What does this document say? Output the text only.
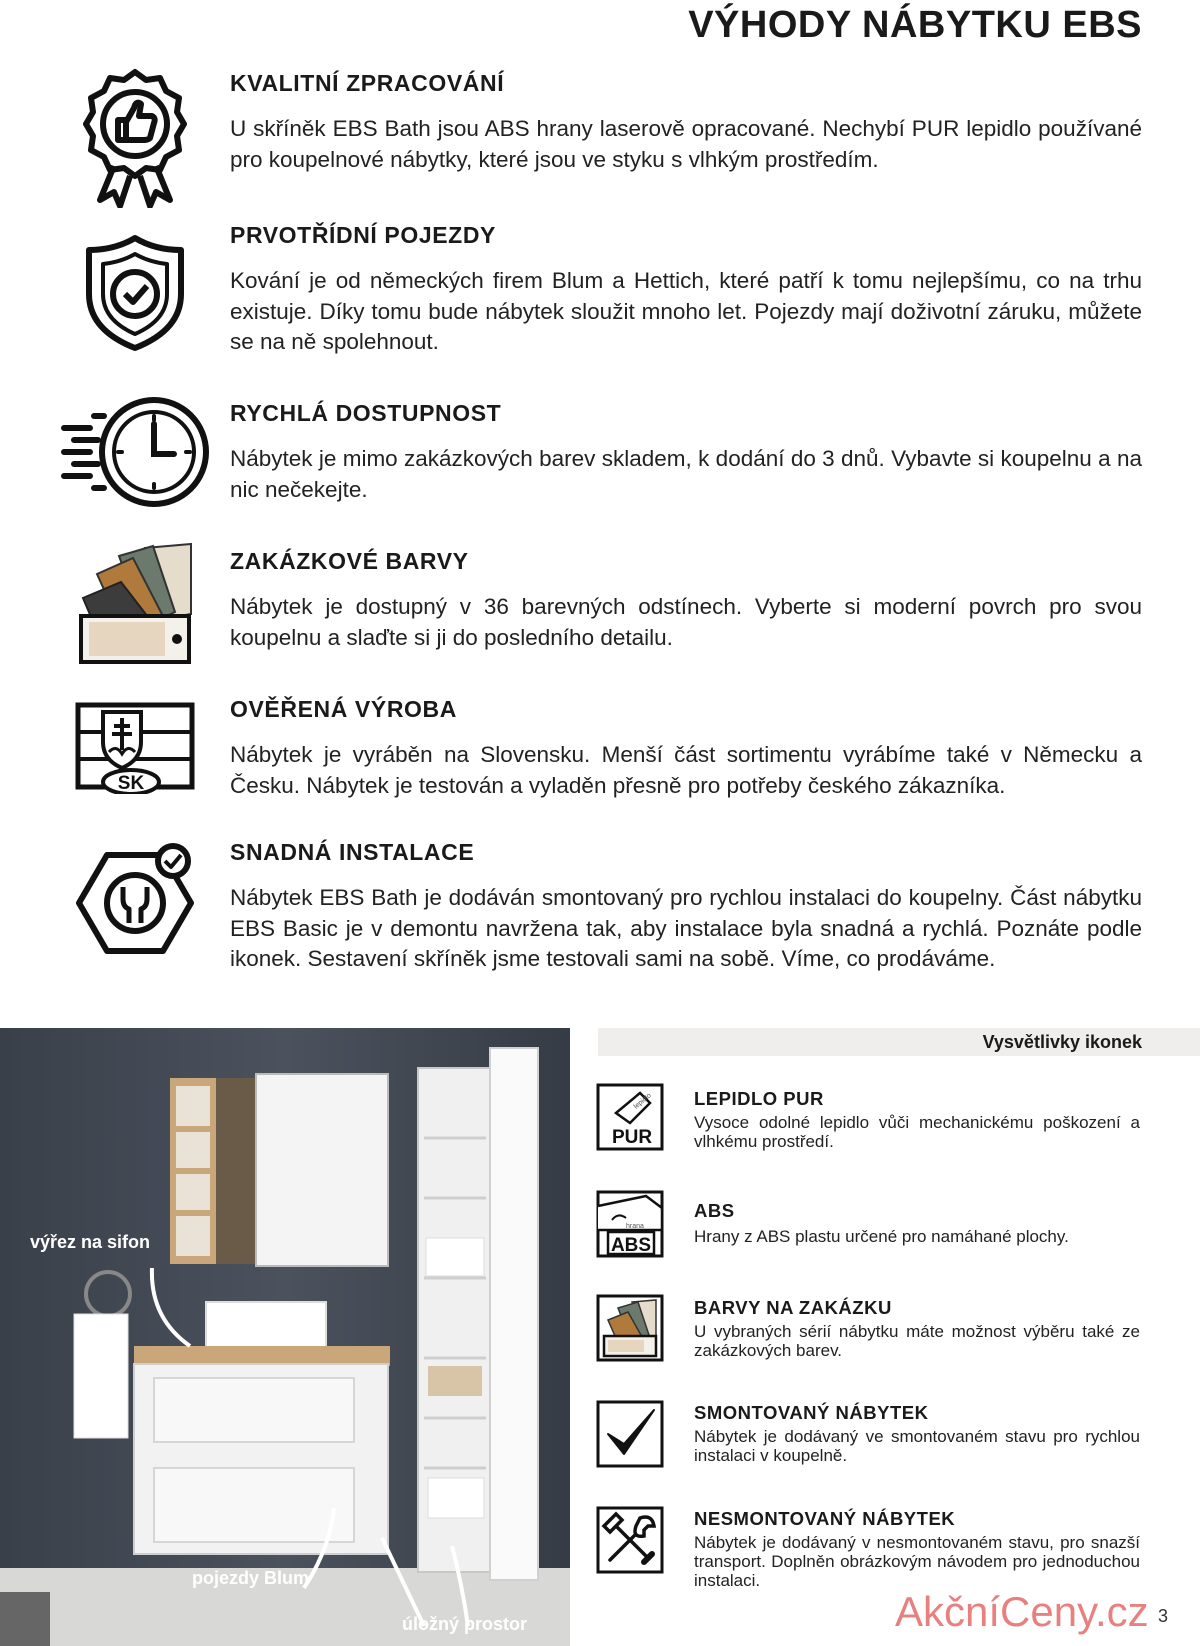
VÝHODY NÁBYTKU EBS
KVALITNÍ ZPRACOVÁNÍ

U skříněk EBS Bath jsou ABS hrany laserově opracované. Nechybí PUR lepidlo používané pro koupelnové nábytky, které jsou ve styku s vlhkým prostředím.

PRVOTŘÍDNÍ POJEZDY

Kování je od německých firem Blum a Hettich, které patří k tomu nejlepšímu, co na trhu existuje. Díky tomu bude nábytek sloužit mnoho let. Pojezdy mají doživotní záruku, můžete se na ně spolehnout.

RYCHLÁ DOSTUPNOST

Nábytek je mimo zakázkových barev skladem, k dodání do 3 dnů. Vybavte si koupelnu a na nic nečekejte.

ZAKÁZKOVÉ BARVY

Nábytek je dostupný v 36 barevných odstínech. Vyberte si moderní povrch pro svou koupelnu a slaďte si ji do posledního detailu.

SK
OVĚŘENÁ VÝROBA

Nábytek je vyráběn na Slovensku. Menší část sortimentu vyrábíme také v Německu a Česku. Nábytek je testován a vyladěn přesně pro potřeby českého zákazníka.

SNADNÁ INSTALACE

Nábytek EBS Bath je dodáván smontovaný pro rychlou instalaci do koupelny. Část nábytku EBS Basic je v demontu navržena tak, aby instalace byla snadná a rychlá. Poznáte podle ikonek. Sestavení skříněk jsme testovali sami na sobě. Víme, co prodáváme.

výřez na sifon
pojezdy Blum
úložný prostor
Vysvětlivky ikonek
lepidlo
PUR
LEPIDLO PUR

Vysoce odolné lepidlo vůči mechanickému poškození a vlhkému prostředí.

hrana
ABS
ABS

Hrany z ABS plastu určené pro namáhané plochy.

BARVY NA ZAKÁZKU

U vybraných sérií nábytku máte možnost výběru také ze zakázkových barev.

SMONTOVANÝ NÁBYTEK

Nábytek je dodávaný ve smontovaném stavu pro rychlou instalaci v koupelně.

NESMONTOVANÝ NÁBYTEK

Nábytek je dodávaný v nesmontovaném stavu, pro snazší transport. Doplněn obrázkovým návodem pro jednoduchou instalaci.

AkčníCeny.cz 3
